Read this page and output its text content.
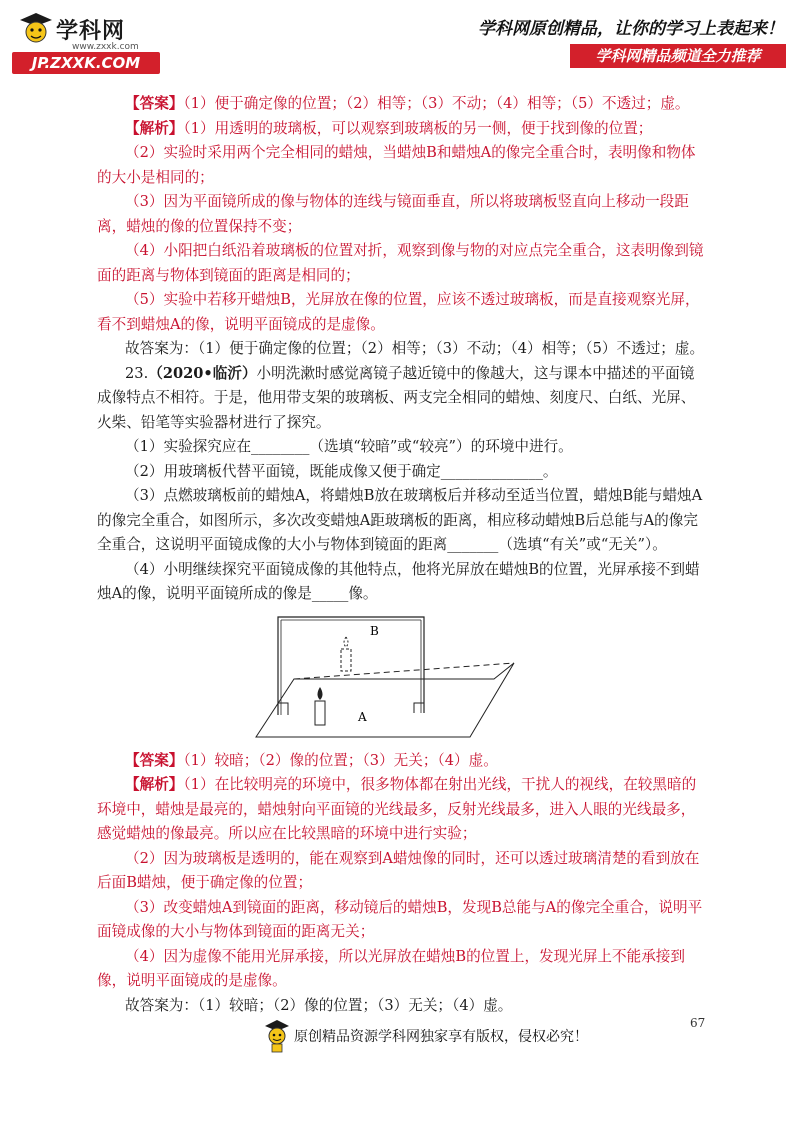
学科网
www.zxxk.com
JP.ZXXK.COM
学科网原创精品，让你的学习上表起来！
学科网精品频道全力推荐

【答案】（1）便于确定像的位置；（2）相等；（3）不动；（4）相等；（5）不透过；虚。

【解析】（1）用透明的玻璃板，可以观察到玻璃板的另一侧，便于找到像的位置；

（2）实验时采用两个完全相同的蜡烛，当蜡烛B和蜡烛A的像完全重合时，表明像和物体的大小是相同的；

（3）因为平面镜所成的像与物体的连线与镜面垂直，所以将玻璃板竖直向上移动一段距离，蜡烛的像的位置保持不变；

（4）小阳把白纸沿着玻璃板的位置对折，观察到像与物的对应点完全重合，这表明像到镜面的距离与物体到镜面的距离是相同的；

（5）实验中若移开蜡烛B，光屏放在像的位置，应该不透过玻璃板，而是直接观察光屏，看不到蜡烛A的像，说明平面镜成的是虚像。

故答案为：（1）便于确定像的位置；（2）相等；（3）不动；（4）相等；（5）不透过；虚。

23.（2020•临沂）小明洗漱时感觉离镜子越近镜中的像越大，这与课本中描述的平面镜成像特点不相符。于是，他用带支架的玻璃板、两支完全相同的蜡烛、刻度尺、白纸、光屏、火柴、铅笔等实验器材进行了探究。

（1）实验探究应在________（选填“较暗”或“较亮”）的环境中进行。

（2）用玻璃板代替平面镜，既能成像又便于确定______________。

（3）点燃玻璃板前的蜡烛A，将蜡烛B放在玻璃板后并移动至适当位置，蜡烛B能与蜡烛A的像完全重合，如图所示，多次改变蜡烛A距玻璃板的距离，相应移动蜡烛B后总能与A的像完全重合，这说明平面镜成像的大小与物体到镜面的距离_______（选填“有关”或“无关”）。

（4）小明继续探究平面镜成像的其他特点，他将光屏放在蜡烛B的位置，光屏承接不到蜡烛A的像，说明平面镜所成的像是_____像。

B
A

【答案】（1）较暗；（2）像的位置；（3）无关；（4）虚。

【解析】（1）在比较明亮的环境中，很多物体都在射出光线，干扰人的视线，在较黑暗的环境中，蜡烛是最亮的，蜡烛射向平面镜的光线最多，反射光线最多，进入人眼的光线最多，感觉蜡烛的像最亮。所以应在比较黑暗的环境中进行实验；

（2）因为玻璃板是透明的，能在观察到A蜡烛像的同时，还可以透过玻璃清楚的看到放在后面B蜡烛，便于确定像的位置；

（3）改变蜡烛A到镜面的距离，移动镜后的蜡烛B，发现B总能与A的像完全重合，说明平面镜成像的大小与物体到镜面的距离无关；

（4）因为虚像不能用光屏承接，所以光屏放在蜡烛B的位置上，发现光屏上不能承接到像，说明平面镜成的是虚像。

故答案为：（1）较暗；（2）像的位置；（3）无关；（4）虚。

67
原创精品资源学科网独家享有版权，侵权必究！
